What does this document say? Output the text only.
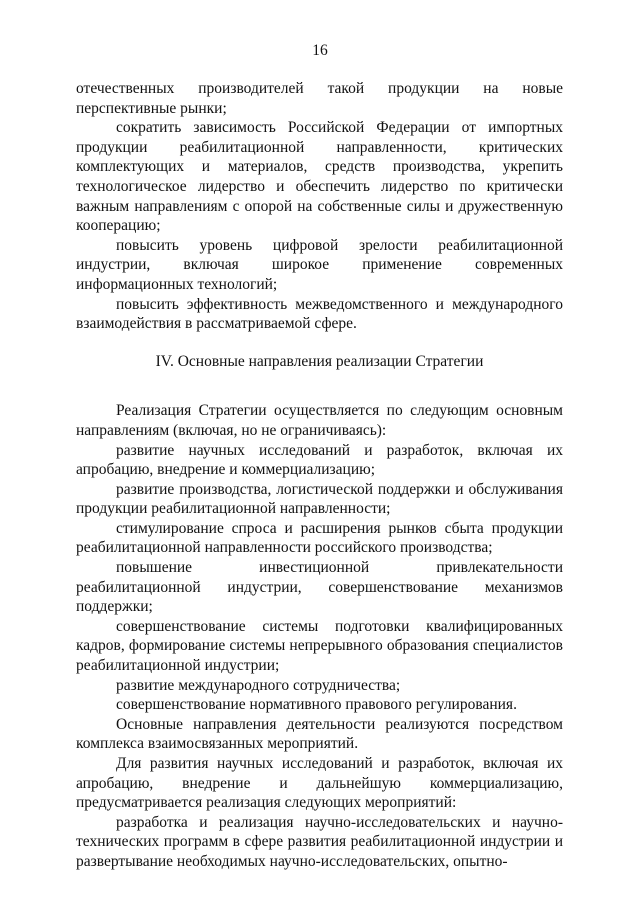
16

отечественных производителей такой продукции на новые перспективные рынки;

сократить зависимость Российской Федерации от импортных продукции реабилитационной направленности, критических комплектующих и материалов, средств производства, укрепить технологическое лидерство и обеспечить лидерство по критически важным направлениям с опорой на собственные силы и дружественную кооперацию;

повысить уровень цифровой зрелости реабилитационной индустрии, включая широкое применение современных информационных технологий;

повысить эффективность межведомственного и международного взаимодействия в рассматриваемой сфере.

IV. Основные направления реализации Стратегии

Реализация Стратегии осуществляется по следующим основным направлениям (включая, но не ограничиваясь):

развитие научных исследований и разработок, включая их апробацию, внедрение и коммерциализацию;

развитие производства, логистической поддержки и обслуживания продукции реабилитационной направленности;

стимулирование спроса и расширения рынков сбыта продукции реабилитационной направленности российского производства;

повышение инвестиционной привлекательности реабилитационной индустрии, совершенствование механизмов поддержки;

совершенствование системы подготовки квалифицированных кадров, формирование системы непрерывного образования специалистов реабилитационной индустрии;

развитие международного сотрудничества;

совершенствование нормативного правового регулирования.

Основные направления деятельности реализуются посредством комплекса взаимосвязанных мероприятий.

Для развития научных исследований и разработок, включая их апробацию, внедрение и дальнейшую коммерциализацию, предусматривается реализация следующих мероприятий:

разработка и реализация научно-исследовательских и научно-технических программ в сфере развития реабилитационной индустрии и развертывание необходимых научно-исследовательских, опытно-
